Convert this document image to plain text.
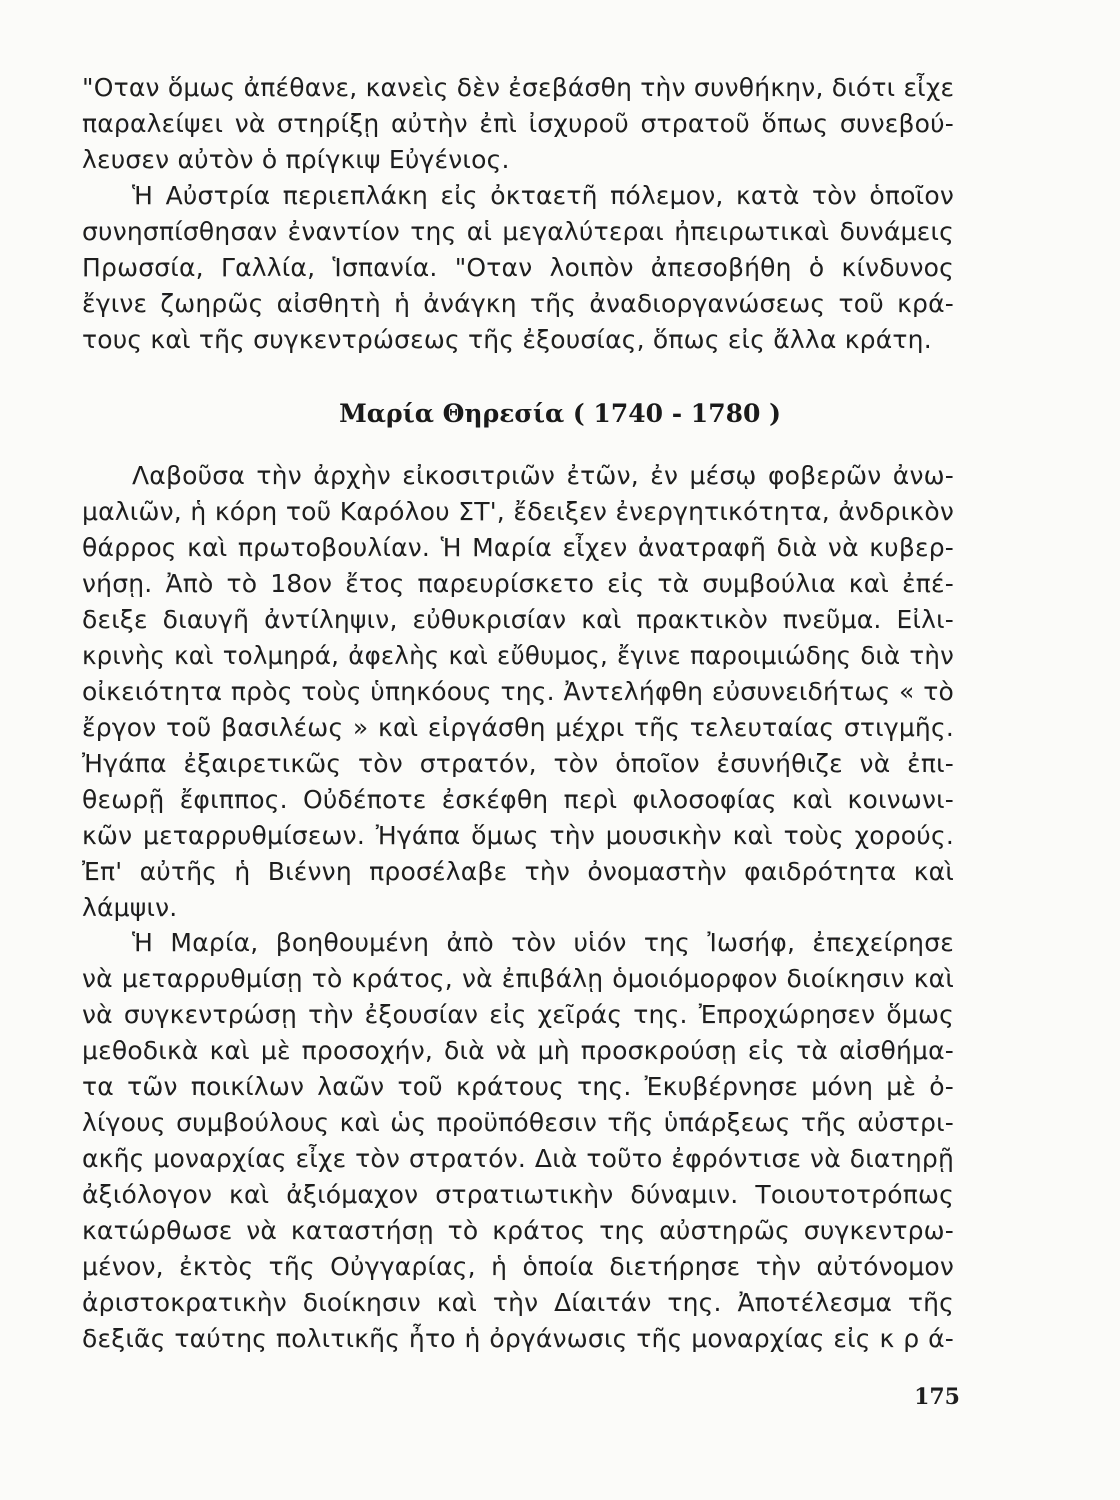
"Οταν ὅμως ἀπέθανε, κανεὶς δὲν ἐσεβάσθη τὴν συνθήκην, διότι εἶχε
παραλείψει νὰ στηρίξῃ αὐτὴν ἐπὶ ἰσχυροῦ στρατοῦ ὅπως συνεβού-
λευσεν αὐτὸν ὁ πρίγκιψ Εὐγένιος.
Ἡ Αὐστρία περιεπλάκη εἰς ὀκταετῆ πόλεμον, κατὰ τὸν ὁποῖον
συνησπίσθησαν ἐναντίον της αἱ μεγαλύτεραι ἠπειρωτικαὶ δυνάμεις
Πρωσσία, Γαλλία, Ἱσπανία. "Οταν λοιπὸν ἀπεσοβήθη ὁ κίνδυνος
ἔγινε ζωηρῶς αἰσθητὴ ἡ ἀνάγκη τῆς ἀναδιοργανώσεως τοῦ κρά-
τους καὶ τῆς συγκεντρώσεως τῆς ἐξουσίας, ὅπως εἰς ἄλλα κράτη.
Μαρία Θηρεσία ( 1740 - 1780 )
Λαβοῦσα τὴν ἀρχὴν εἰκοσιτριῶν ἐτῶν, ἐν μέσῳ φοβερῶν ἀνω-
μαλιῶν, ἡ κόρη τοῦ Καρόλου ΣΤ', ἔδειξεν ἐνεργητικότητα, ἀνδρικὸν
θάρρος καὶ πρωτοβουλίαν. Ἡ Μαρία εἶχεν ἀνατραφῆ διὰ νὰ κυβερ-
νήσῃ. Ἀπὸ τὸ 18ον ἔτος παρευρίσκετο εἰς τὰ συμβούλια καὶ ἐπέ-
δειξε διαυγῆ ἀντίληψιν, εὐθυκρισίαν καὶ πρακτικὸν πνεῦμα. Εἰλι-
κρινὴς καὶ τολμηρά, ἀφελὴς καὶ εὔθυμος, ἔγινε παροιμιώδης διὰ τὴν
οἰκειότητα πρὸς τοὺς ὑπηκόους της. Ἀντελήφθη εὐσυνειδήτως « τὸ
ἔργον τοῦ βασιλέως » καὶ εἰργάσθη μέχρι τῆς τελευταίας στιγμῆς.
Ἠγάπα ἐξαιρετικῶς τὸν στρατόν, τὸν ὁποῖον ἐσυνήθιζε νὰ ἐπι-
θεωρῇ ἔφιππος. Οὐδέποτε ἐσκέφθη περὶ φιλοσοφίας καὶ κοινωνι-
κῶν μεταρρυθμίσεων. Ἠγάπα ὅμως τὴν μουσικὴν καὶ τοὺς χορούς.
Ἐπ' αὐτῆς ἡ Βιέννη προσέλαβε τὴν ὀνομαστὴν φαιδρότητα καὶ
λάμψιν.
Ἡ Μαρία, βοηθουμένη ἀπὸ τὸν υἱόν της Ἰωσήφ, ἐπεχείρησε
νὰ μεταρρυθμίσῃ τὸ κράτος, νὰ ἐπιβάλῃ ὁμοιόμορφον διοίκησιν καὶ
νὰ συγκεντρώσῃ τὴν ἐξουσίαν εἰς χεῖράς της. Ἐπροχώρησεν ὅμως
μεθοδικὰ καὶ μὲ προσοχήν, διὰ νὰ μὴ προσκρούσῃ εἰς τὰ αἰσθήμα-
τα τῶν ποικίλων λαῶν τοῦ κράτους της. Ἐκυβέρνησε μόνη μὲ ὀ-
λίγους συμβούλους καὶ ὡς προϋπόθεσιν τῆς ὑπάρξεως τῆς αὐστρι-
ακῆς μοναρχίας εἶχε τὸν στρατόν. Διὰ τοῦτο ἐφρόντισε νὰ διατηρῇ
ἀξιόλογον καὶ ἀξιόμαχον στρατιωτικὴν δύναμιν. Τοιουτοτρόπως
κατώρθωσε νὰ καταστήσῃ τὸ κράτος της αὐστηρῶς συγκεντρω-
μένον, ἐκτὸς τῆς Οὐγγαρίας, ἡ ὁποία διετήρησε τὴν αὐτόνομον
ἀριστοκρατικὴν διοίκησιν καὶ τὴν Δίαιτάν της. Ἀποτέλεσμα τῆς
δεξιᾶς ταύτης πολιτικῆς ἦτο ἡ ὀργάνωσις τῆς μοναρχίας εἰς κ ρ ά-
175
